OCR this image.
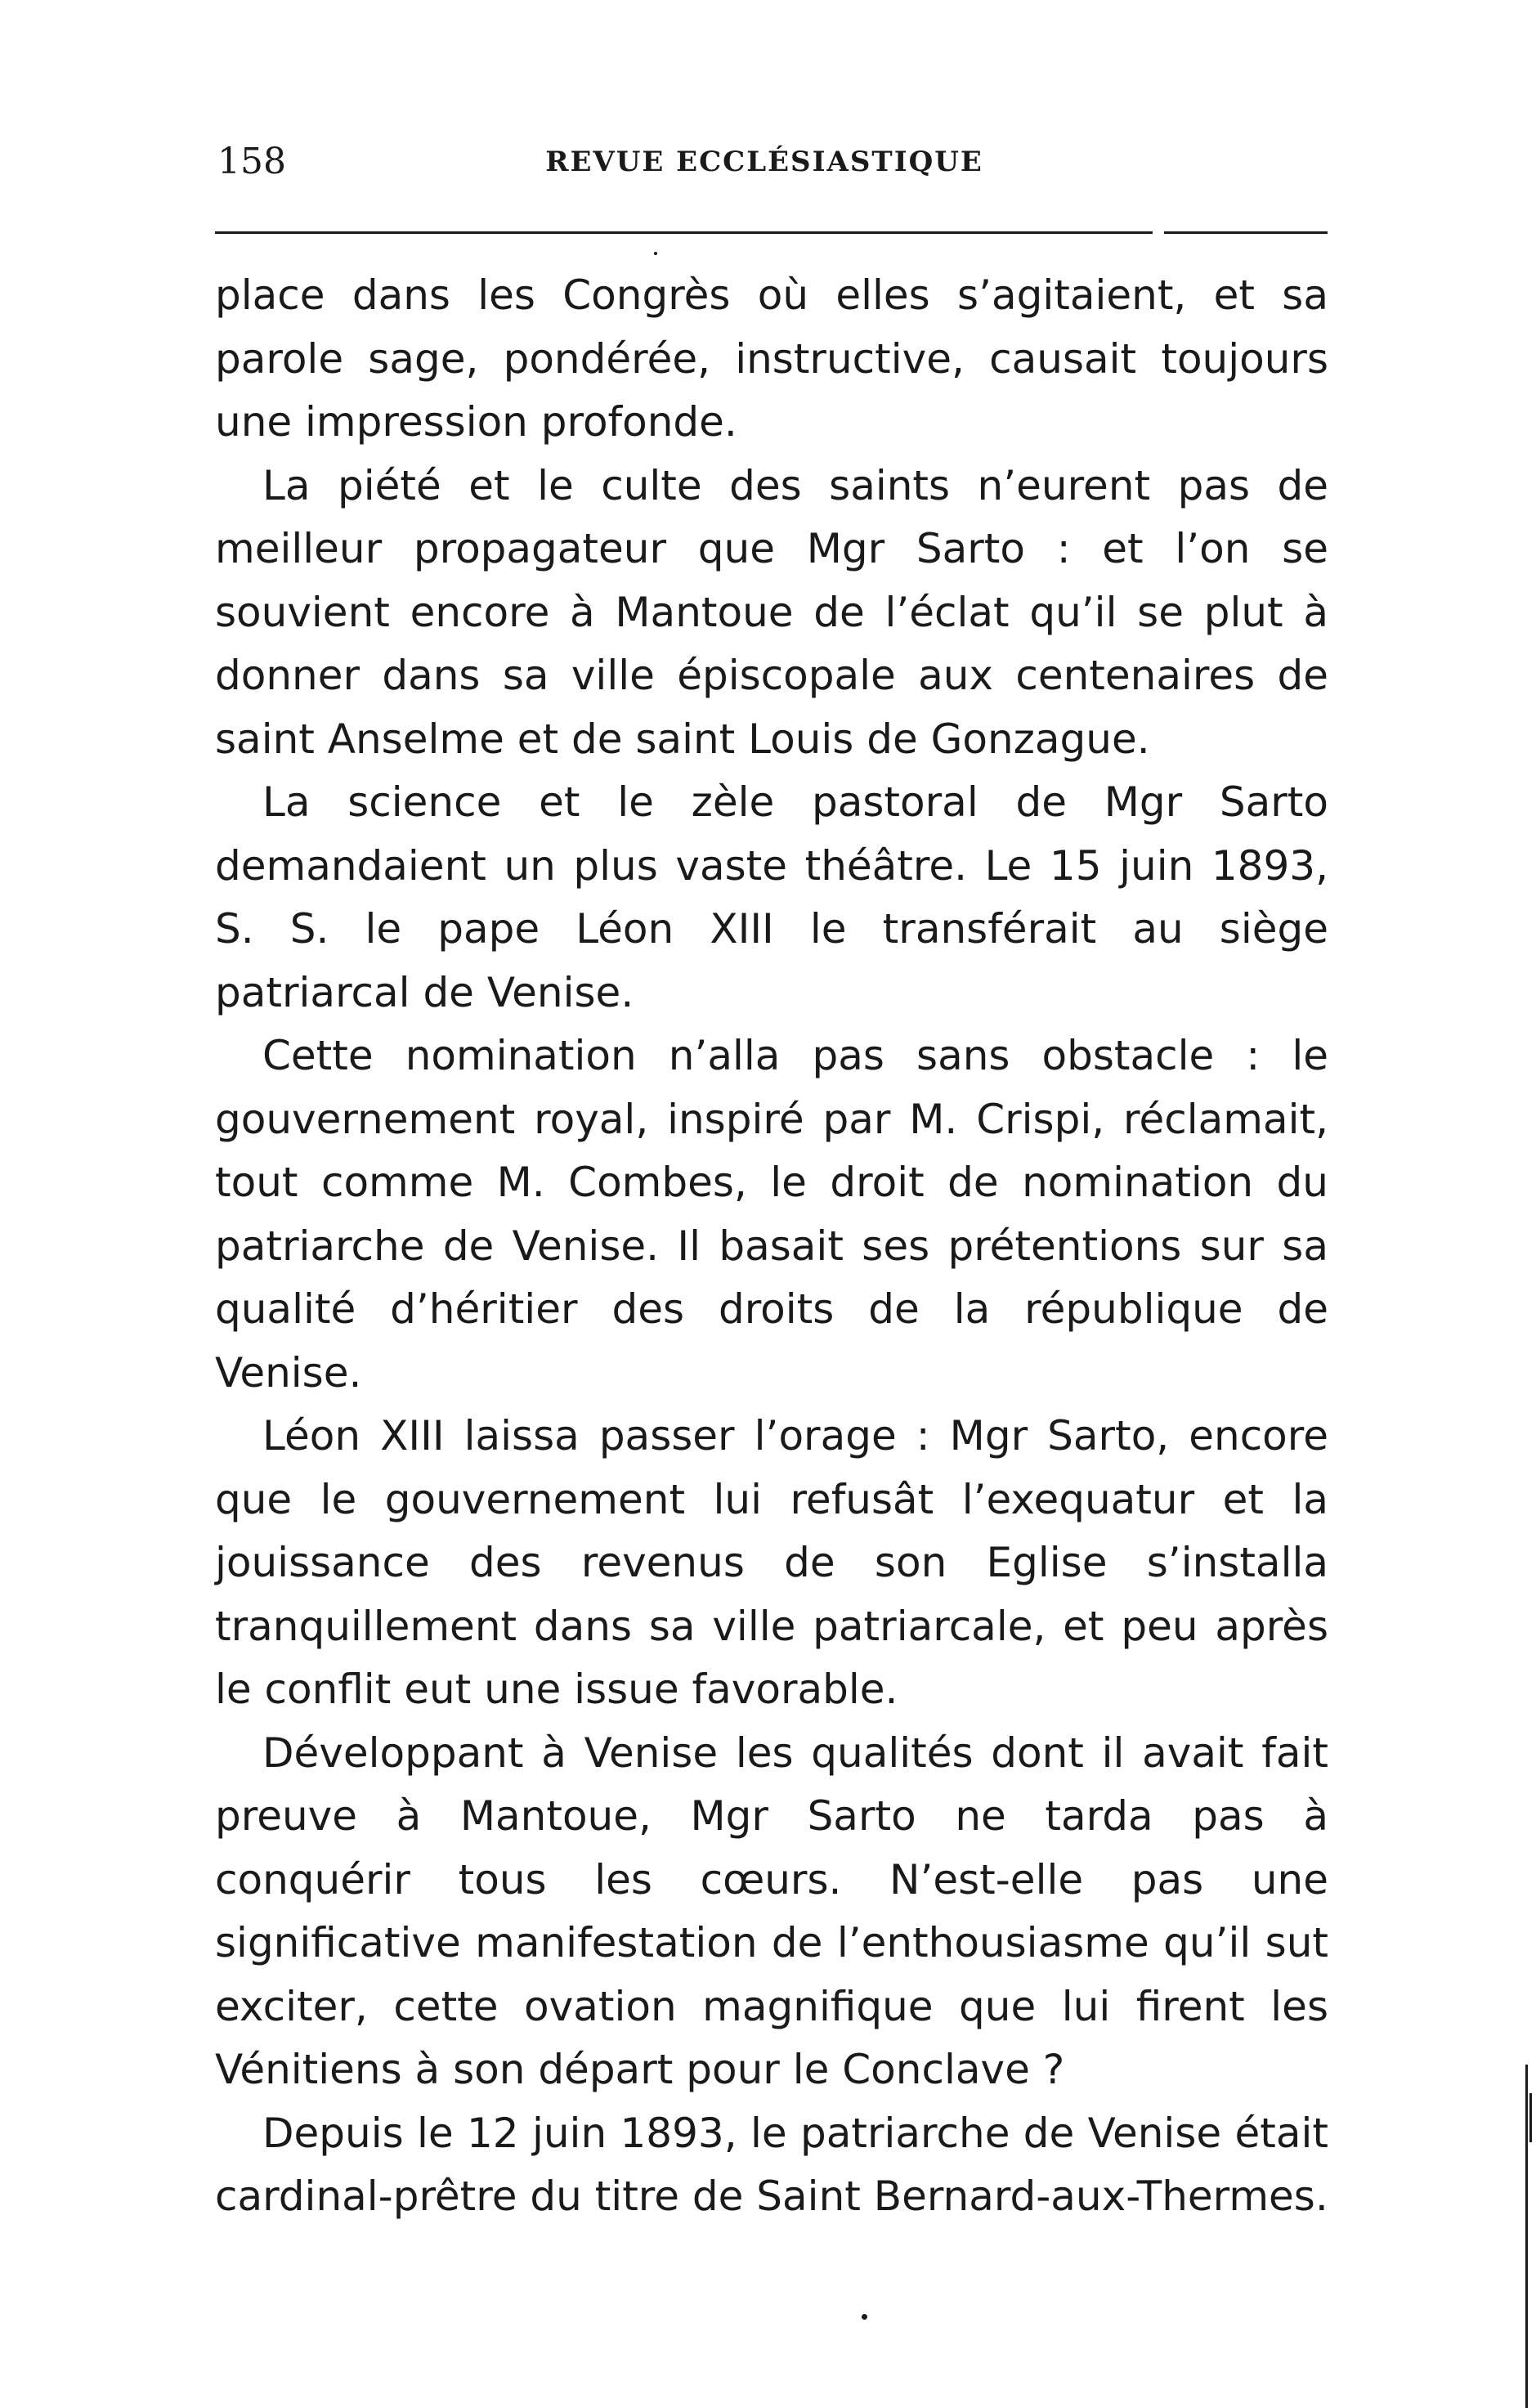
158	REVUE ECCLÉSIASTIQUE

place dans les Congrès où elles s’agitaient, et sa parole sage, pondérée, instructive, causait toujours une impression profonde.

La piété et le culte des saints n’eurent pas de meilleur propagateur que Mgr Sarto : et l’on se souvient encore à Mantoue de l’éclat qu’il se plut à donner dans sa ville épiscopale aux centenaires de saint Anselme et de saint Louis de Gonzague.

La science et le zèle pastoral de Mgr Sarto demandaient un plus vaste théâtre. Le 15 juin 1893, S. S. le pape Léon XIII le transférait au siège patriarcal de Venise.

Cette nomination n’alla pas sans obstacle : le gouvernement royal, inspiré par M. Crispi, réclamait, tout comme M. Combes, le droit de nomination du patriarche de Venise. Il basait ses prétentions sur sa qualité d’héritier des droits de la république de Venise.

Léon XIII laissa passer l’orage : Mgr Sarto, encore que le gouvernement lui refusât l’exequatur et la jouissance des revenus de son Eglise s’installa tranquillement dans sa ville patriarcale, et peu après le conflit eut une issue favorable.

Développant à Venise les qualités dont il avait fait preuve à Mantoue, Mgr Sarto ne tarda pas à conquérir tous les cœurs. N’est-elle pas une significative manifestation de l’enthousiasme qu’il sut exciter, cette ovation magnifique que lui firent les Vénitiens à son départ pour le Conclave ?

Depuis le 12 juin 1893, le patriarche de Venise était cardinal-prêtre du titre de Saint Bernard-aux-Thermes.
